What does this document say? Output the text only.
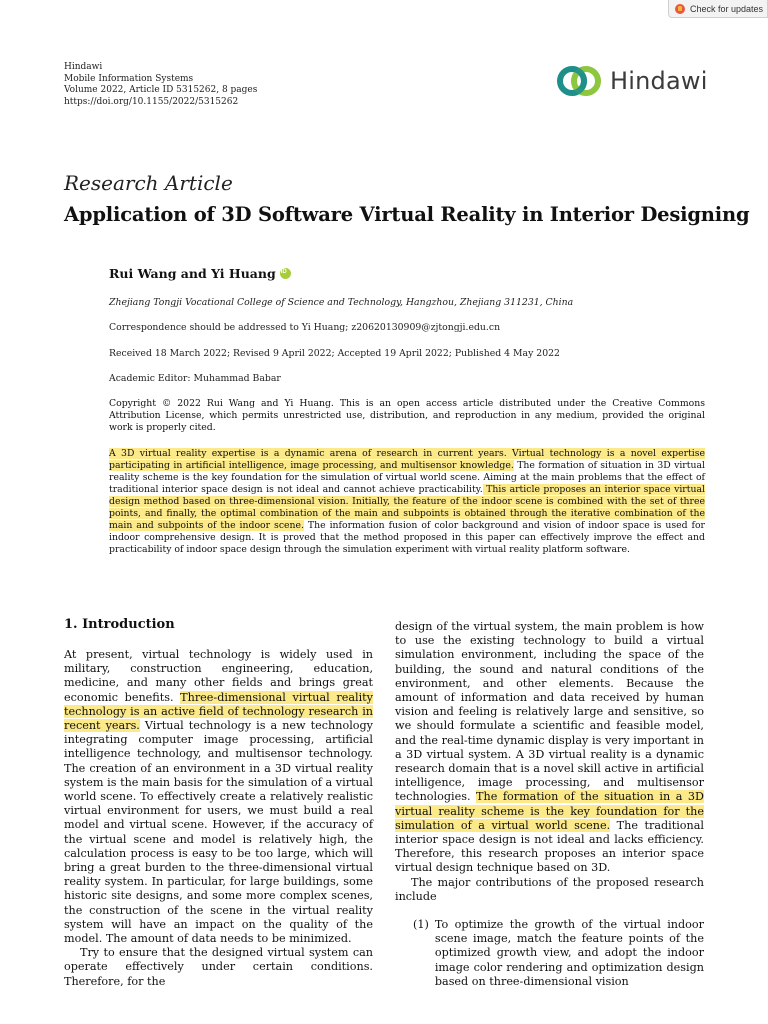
Check for updates
Hindawi
Mobile Information Systems
Volume 2022, Article ID 5315262, 8 pages
https://doi.org/10.1155/2022/5315262
Hindawi
Research Article
Application of 3D Software Virtual Reality in Interior Designing
Rui Wang and Yi Huang
iD
Zhejiang Tongji Vocational College of Science and Technology, Hangzhou, Zhejiang 311231, China
Correspondence should be addressed to Yi Huang; z20620130909@zjtongji.edu.cn
Received 18 March 2022; Revised 9 April 2022; Accepted 19 April 2022; Published 4 May 2022
Academic Editor: Muhammad Babar
Copyright © 2022 Rui Wang and Yi Huang. This is an open access article distributed under the Creative Commons Attribution License, which permits unrestricted use, distribution, and reproduction in any medium, provided the original work is properly cited.
A 3D virtual reality expertise is a dynamic arena of research in current years. Virtual technology is a novel expertise participating in artificial intelligence, image processing, and multisensor knowledge. The formation of situation in 3D virtual reality scheme is the key foundation for the simulation of virtual world scene. Aiming at the main problems that the effect of traditional interior space design is not ideal and cannot achieve practicability. This article proposes an interior space virtual design method based on three-dimensional vision. Initially, the feature of the indoor scene is combined with the set of three points, and finally, the optimal combination of the main and subpoints is obtained through the iterative combination of the main and subpoints of the indoor scene. The information fusion of color background and vision of indoor space is used for indoor comprehensive design. It is proved that the method proposed in this paper can effectively improve the effect and practicability of indoor space design through the simulation experiment with virtual reality platform software.
1. Introduction

At present, virtual technology is widely used in military, construction engineering, education, medicine, and many other fields and brings great economic benefits. Three-dimensional virtual reality technology is an active field of technology research in recent years. Virtual technology is a new technology integrating computer image processing, artificial intelligence technology, and multisensor technology. The creation of an environment in a 3D virtual reality system is the main basis for the simulation of a virtual world scene. To effectively create a relatively realistic virtual environment for users, we must build a real model and virtual scene. However, if the accuracy of the virtual scene and model is relatively high, the calculation process is easy to be too large, which will bring a great burden to the three-dimensional virtual reality system. In particular, for large buildings, some historic site designs, and some more complex scenes, the construction of the scene in the virtual reality system will have an impact on the quality of the model. The amount of data needs to be minimized.

Try to ensure that the designed virtual system can operate effectively under certain conditions. Therefore, for the

design of the virtual system, the main problem is how to use the existing technology to build a virtual simulation environment, including the space of the building, the sound and natural conditions of the environment, and other elements. Because the amount of information and data received by human vision and feeling is relatively large and sensitive, so we should formulate a scientific and feasible model, and the real-time dynamic display is very important in a 3D virtual system. A 3D virtual reality is a dynamic research domain that is a novel skill active in artificial intelligence, image processing, and multisensor technologies. The formation of the situation in a 3D virtual reality scheme is the key foundation for the simulation of a virtual world scene. The traditional interior space design is not ideal and lacks efficiency. Therefore, this research proposes an interior space virtual design technique based on 3D.

The major contributions of the proposed research include

(1) To optimize the growth of the virtual indoor scene image, match the feature points of the optimized growth view, and adopt the indoor image color rendering and optimization design based on three-dimensional vision
